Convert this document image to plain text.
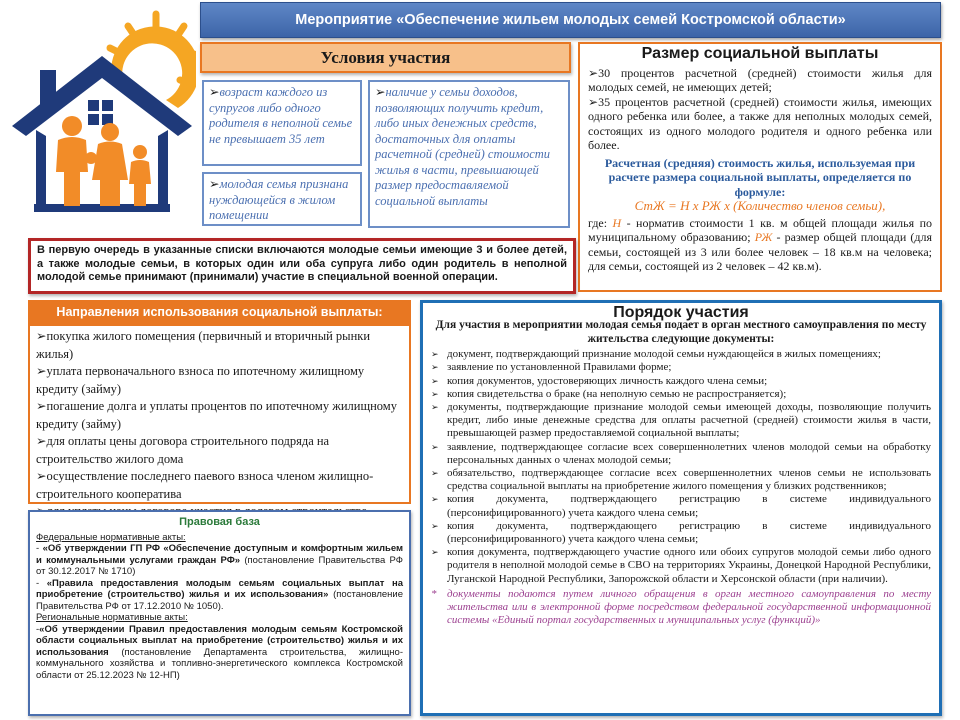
Мероприятие «Обеспечение жильем молодых семей Костромской области»
Условия участия
➢возраст каждого из супругов либо одного родителя в неполной семье не превышает 35 лет
➢наличие у семьи доходов, позволяющих получить кредит, либо иных денежных средств, достаточных для оплаты расчетной (средней) стоимости жилья в части, превышающей размер предоставляемой социальной выплаты
➢молодая семья признана нуждающейся в жилом помещении
Размер социальной выплаты
➢30 процентов расчетной (средней) стоимости жилья для молодых семей, не имеющих детей;
➢35 процентов расчетной (средней) стоимости жилья, имеющих одного ребенка или более, а также для неполных молодых семей, состоящих из одного молодого родителя и одного ребенка или более.
Расчетная (средняя) стоимость жилья, используемая при расчете размера социальной выплаты, определяется по формуле:
СтЖ = Н х РЖ х (Количество членов семьи),
где: Н - норматив стоимости 1 кв. м общей площади жилья по муниципальному образованию; РЖ - размер общей площади (для семьи, состоящей из 3 или более человек – 18 кв.м на человека; для семьи, состоящей из 2 человек – 42 кв.м).
В первую очередь в указанные списки включаются молодые семьи имеющие 3 и более детей, а также молодые семьи, в которых один или оба супруга либо один родитель в неполной молодой семье принимают (принимали) участие в специальной военной операции.
Направления использования социальной выплаты:
➢покупка жилого помещения (первичный и вторичный рынки жилья)
➢уплата первоначального взноса по ипотечному жилищному кредиту (займу)
➢погашение долга и уплаты процентов по ипотечному жилищному кредиту (займу)
➢для оплаты цены договора строительного подряда на строительство жилого дома
➢осуществление последнего паевого взноса членом жилищно-строительного кооператива
Правовая база
Федеральные нормативные акты:
- «Об утверждении ГП РФ «Обеспечение доступным и комфортным жильем и коммунальными услугами граждан РФ» (постановление Правительства РФ от 30.12.2017 № 1710)
- «Правила предоставления молодым семьям социальных выплат на приобретение (строительство) жилья и их использования» (постановление Правительства РФ от 17.12.2010 № 1050).
Региональные нормативные акты:
-«Об утверждении Правил предоставления молодым семьям Костромской области социальных выплат на приобретение (строительство) жилья и их использования (постановление Департамента строительства, жилищно-коммунального хозяйства и топливно-энергетического комплекса Костромской области от 25.12.2023 № 12-НП)
Порядок участия
Для участия в мероприятии молодая семья подает в орган местного самоуправления по месту жительства следующие документы:
➢ документ, подтверждающий признание молодой семьи нуждающейся в жилых помещениях;
➢ заявление по установленной Правилами форме;
➢ копия документов, удостоверяющих личность каждого члена семьи;
➢ копия свидетельства о браке (на неполную семью не распространяется);
➢ документы, подтверждающие признание молодой семьи имеющей доходы, позволяющие получить кредит, либо иные денежные средства для оплаты расчетной (средней) стоимости жилья в части, превышающей размер предоставляемой социальной выплаты;
➢ заявление, подтверждающее согласие всех совершеннолетних членов молодой семьи на обработку персональных данных о членах молодой семьи;
➢ обязательство, подтверждающее согласие всех совершеннолетних членов семьи не использовать средства социальной выплаты на приобретение жилого помещения у близких родственников;
➢ копия документа, подтверждающего регистрацию в системе индивидуального (персонифицированного) учета каждого члена семьи;
➢ копия документа, подтверждающего регистрацию в системе индивидуального (персонифицированного) учета каждого члена семьи;
➢ копия документа, подтверждающего участие одного или обоих супругов молодой семьи либо одного родителя в неполной молодой семье в СВО на территориях Украины, Донецкой Народной Республики, Луганской Народной Республики, Запорожской области и Херсонской области (при наличии).
* документы подаются путем личного обращения в орган местного самоуправления по месту жительства или в электронной форме посредством федеральной государственной информационной системы «Единый портал государственных и муниципальных услуг (функций)»
